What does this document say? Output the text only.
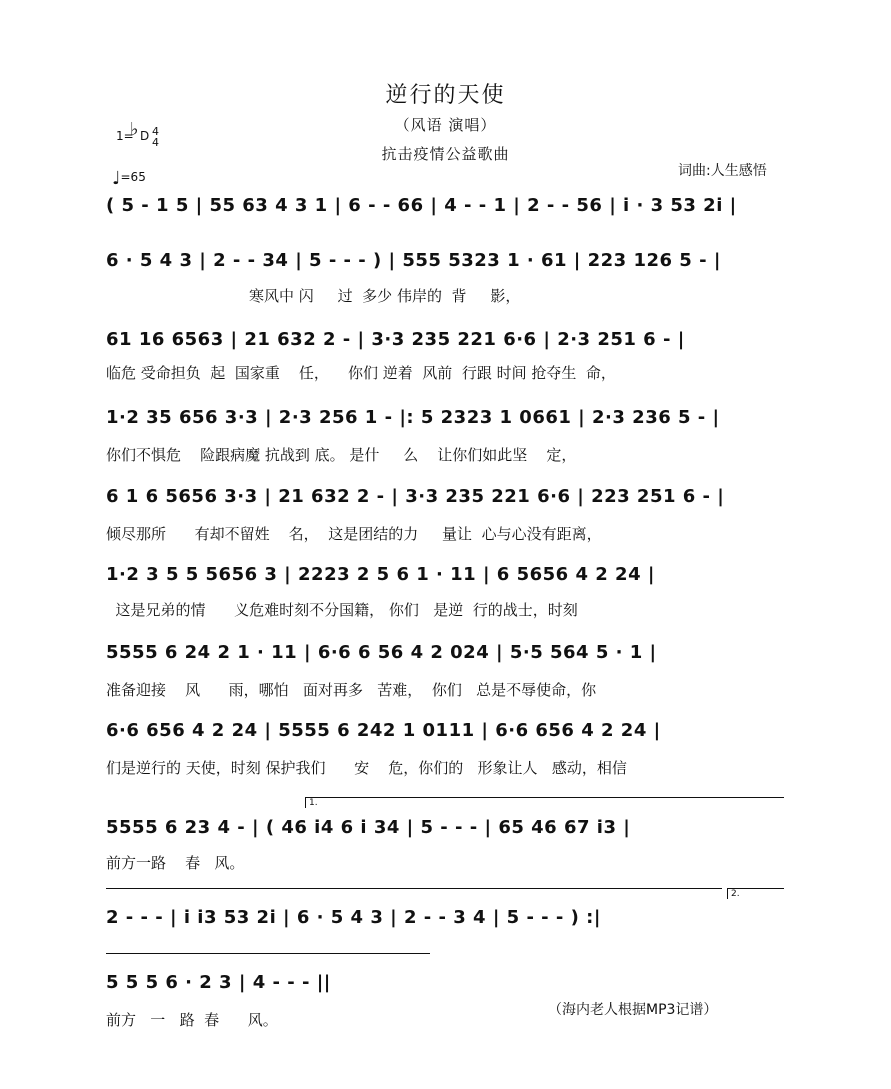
逆行的天使
（风语 演唱）
抗击疫情公益歌曲
词曲:人生感悟
1=
♭ D 4
4
♩=65
( 5 - 1 5 | 55 63 4 3 1 | 6 - - 66 | 4 - - 1 | 2 - - 56 | i · 3 53 2i |
6 · 5 4 3 | 2 - - 34 | 5 - - - ) | 555 5323 1 · 61 | 223 126 5 - |
寒风中 闪     过  多少 伟岸的  背     影，
61 16 6563 | 21 632 2 - | 3·3 235 221 6·6 | 2·3 251 6 - |
临危 受命担负  起  国家重    任，    你们 逆着  风前  行跟 时间 抢夺生  命，
1·2 35 656 3·3 | 2·3 256 1 - |: 5 2323 1 0661 | 2·3 236 5 - |
你们不惧危    险跟病魔 抗战到 底。 是什     么    让你们如此坚    定，
6 1 6 5656 3·3 | 21 632 2 - | 3·3 235 221 6·6 | 223 251 6 - |
倾尽那所      有却不留姓    名，  这是团结的力     量让  心与心没有距离，
1·2 3 5 5 5656 3 | 2223 2 5 6 1 · 11 | 6 5656 4 2 24 |
这是兄弟的情      义危难时刻不分国籍， 你们   是逆  行的战士，时刻
5555 6 24 2 1 · 11 | 6·6 6 56 4 2 024 | 5·5 564 5 · 1 |
准备迎接    风      雨，哪怕   面对再多   苦难，  你们   总是不辱使命，你
6·6 656 4 2 24 | 5555 6 242 1 0111 | 6·6 656 4 2 24 |
们是逆行的 天使，时刻 保护我们      安    危，你们的   形象让人   感动，相信
1.
5555 6 23 4 - | ( 46 i4 6 i 34 | 5 - - - | 65 46 67 i3 |
前方一路    春   风。
2.
2 - - - | i i3 53 2i | 6 · 5 4 3 | 2 - - 3 4 | 5 - - - ) :|
5 5 5 6 · 2 3 | 4 - - - ||
前方   一   路  春      风。
（海内老人根据MP3记谱）
